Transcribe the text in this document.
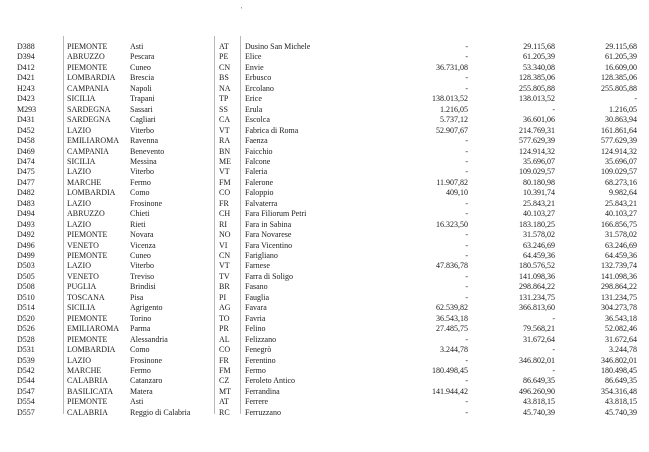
'
D388	PIEMONTE	Asti	AT	Dusino San Michele	-	29.115,68	29.115,68
D394	ABRUZZO	Pescara	PE	Elice	-	61.205,39	61.205,39
D412	PIEMONTE	Cuneo	CN	Envie	36.731,08	53.340,08	16.609,00
D421	LOMBARDIA	Brescia	BS	Erbusco	-	128.385,06	128.385,06
H243	CAMPANIA	Napoli	NA	Ercolano	-	255.805,88	255.805,88
D423	SICILIA	Trapani	TP	Erice	138.013,52	138.013,52	-
M293	SARDEGNA	Sassari	SS	Erula	1.216,05	-	1.216,05
D431	SARDEGNA	Cagliari	CA	Escolca	5.737,12	36.601,06	30.863,94
D452	LAZIO	Viterbo	VT	Fabrica di Roma	52.907,67	214.769,31	161.861,64
D458	EMILIAROMA	Ravenna	RA	Faenza	-	577.629,39	577.629,39
D469	CAMPANIA	Benevento	BN	Faicchio	-	124.914,32	124.914,32
D474	SICILIA	Messina	ME Falcone	-	35.696,07	35.696,07
D475	LAZIO	Viterbo	VT	Faleria	-	109.029,57	109.029,57
D477	MARCHE	Fermo	FM	Falerone	11.907,82	80.180,98	68.273,16
D482	LOMBARDIA	Como	CO	Faloppio	409,10	10.391,74	9.982,64
D483	LAZIO	Frosinone	FR	Falvaterra	-	25.843,21	25.843,21
D494	ABRUZZO	Chieti	CH	Fara Filiorum Petri	-	40.103,27	40.103,27
D493	LAZIO	Rieti	RI	Fara in Sabina	16.323,50	183.180,25	166.856,75
D492	PIEMONTE	Novara	NO	Fara Novarese	-	31.578,02	31.578,02
D496	VENETO	Vicenza	VI	Fara Vicentino	-	63.246,69	63.246,69
D499	PIEMONTE	Cuneo	CN	Farigliano	-	64.459,36	64.459,36
D503	LAZIO	Viterbo	VT	Farnese	47.836,78	180.576,52	132.739,74
D505	VENETO	Treviso	TV	Farra di Soligo	-	141.098,36	141.098,36
D508	PUGLIA	Brindisi	BR	Fasano	-	298.864,22	298.864,22
D510	TOSCANA	Pisa	PI	Fauglia	-	131.234,75	131.234,75
D514	SICILIA	Agrigento	AG	Favara	62.539,82	366.813,60	304.273,78
D520	PIEMONTE	Torino	TO	Favria	36.543,18	-	36.543,18
D526	EMILIAROMA	Parma	PR	Felino	27.485,75	79.568,21	52.082,46
D528	PIEMONTE	Alessandria	AL	Felizzano	-	31.672,64	31.672,64
D531	LOMBARDIA	Como	CO	Fenegrò	3.244,78	-	3.244,78
D539	LAZIO	Frosinone	FR	Ferentino	-	346.802,01	346.802,01
D542	MARCHE	Fermo	FM	Fermo	180.498,45	-	180.498,45
D544	CALABRIA	Catanzaro	CZ	Feroleto Antico	-	86.649,35	86.649,35
D547	BASILICATA	Matera	MT Ferrandina	141.944,42	496.260,90	354.316,48
D554	PIEMONTE	Asti	AT	Ferrere	-	43.818,15	43.818,15
D557	CALABRIA	Reggio di Calabria	RC	Ferruzzano	-	45.740,39	45.740,39
